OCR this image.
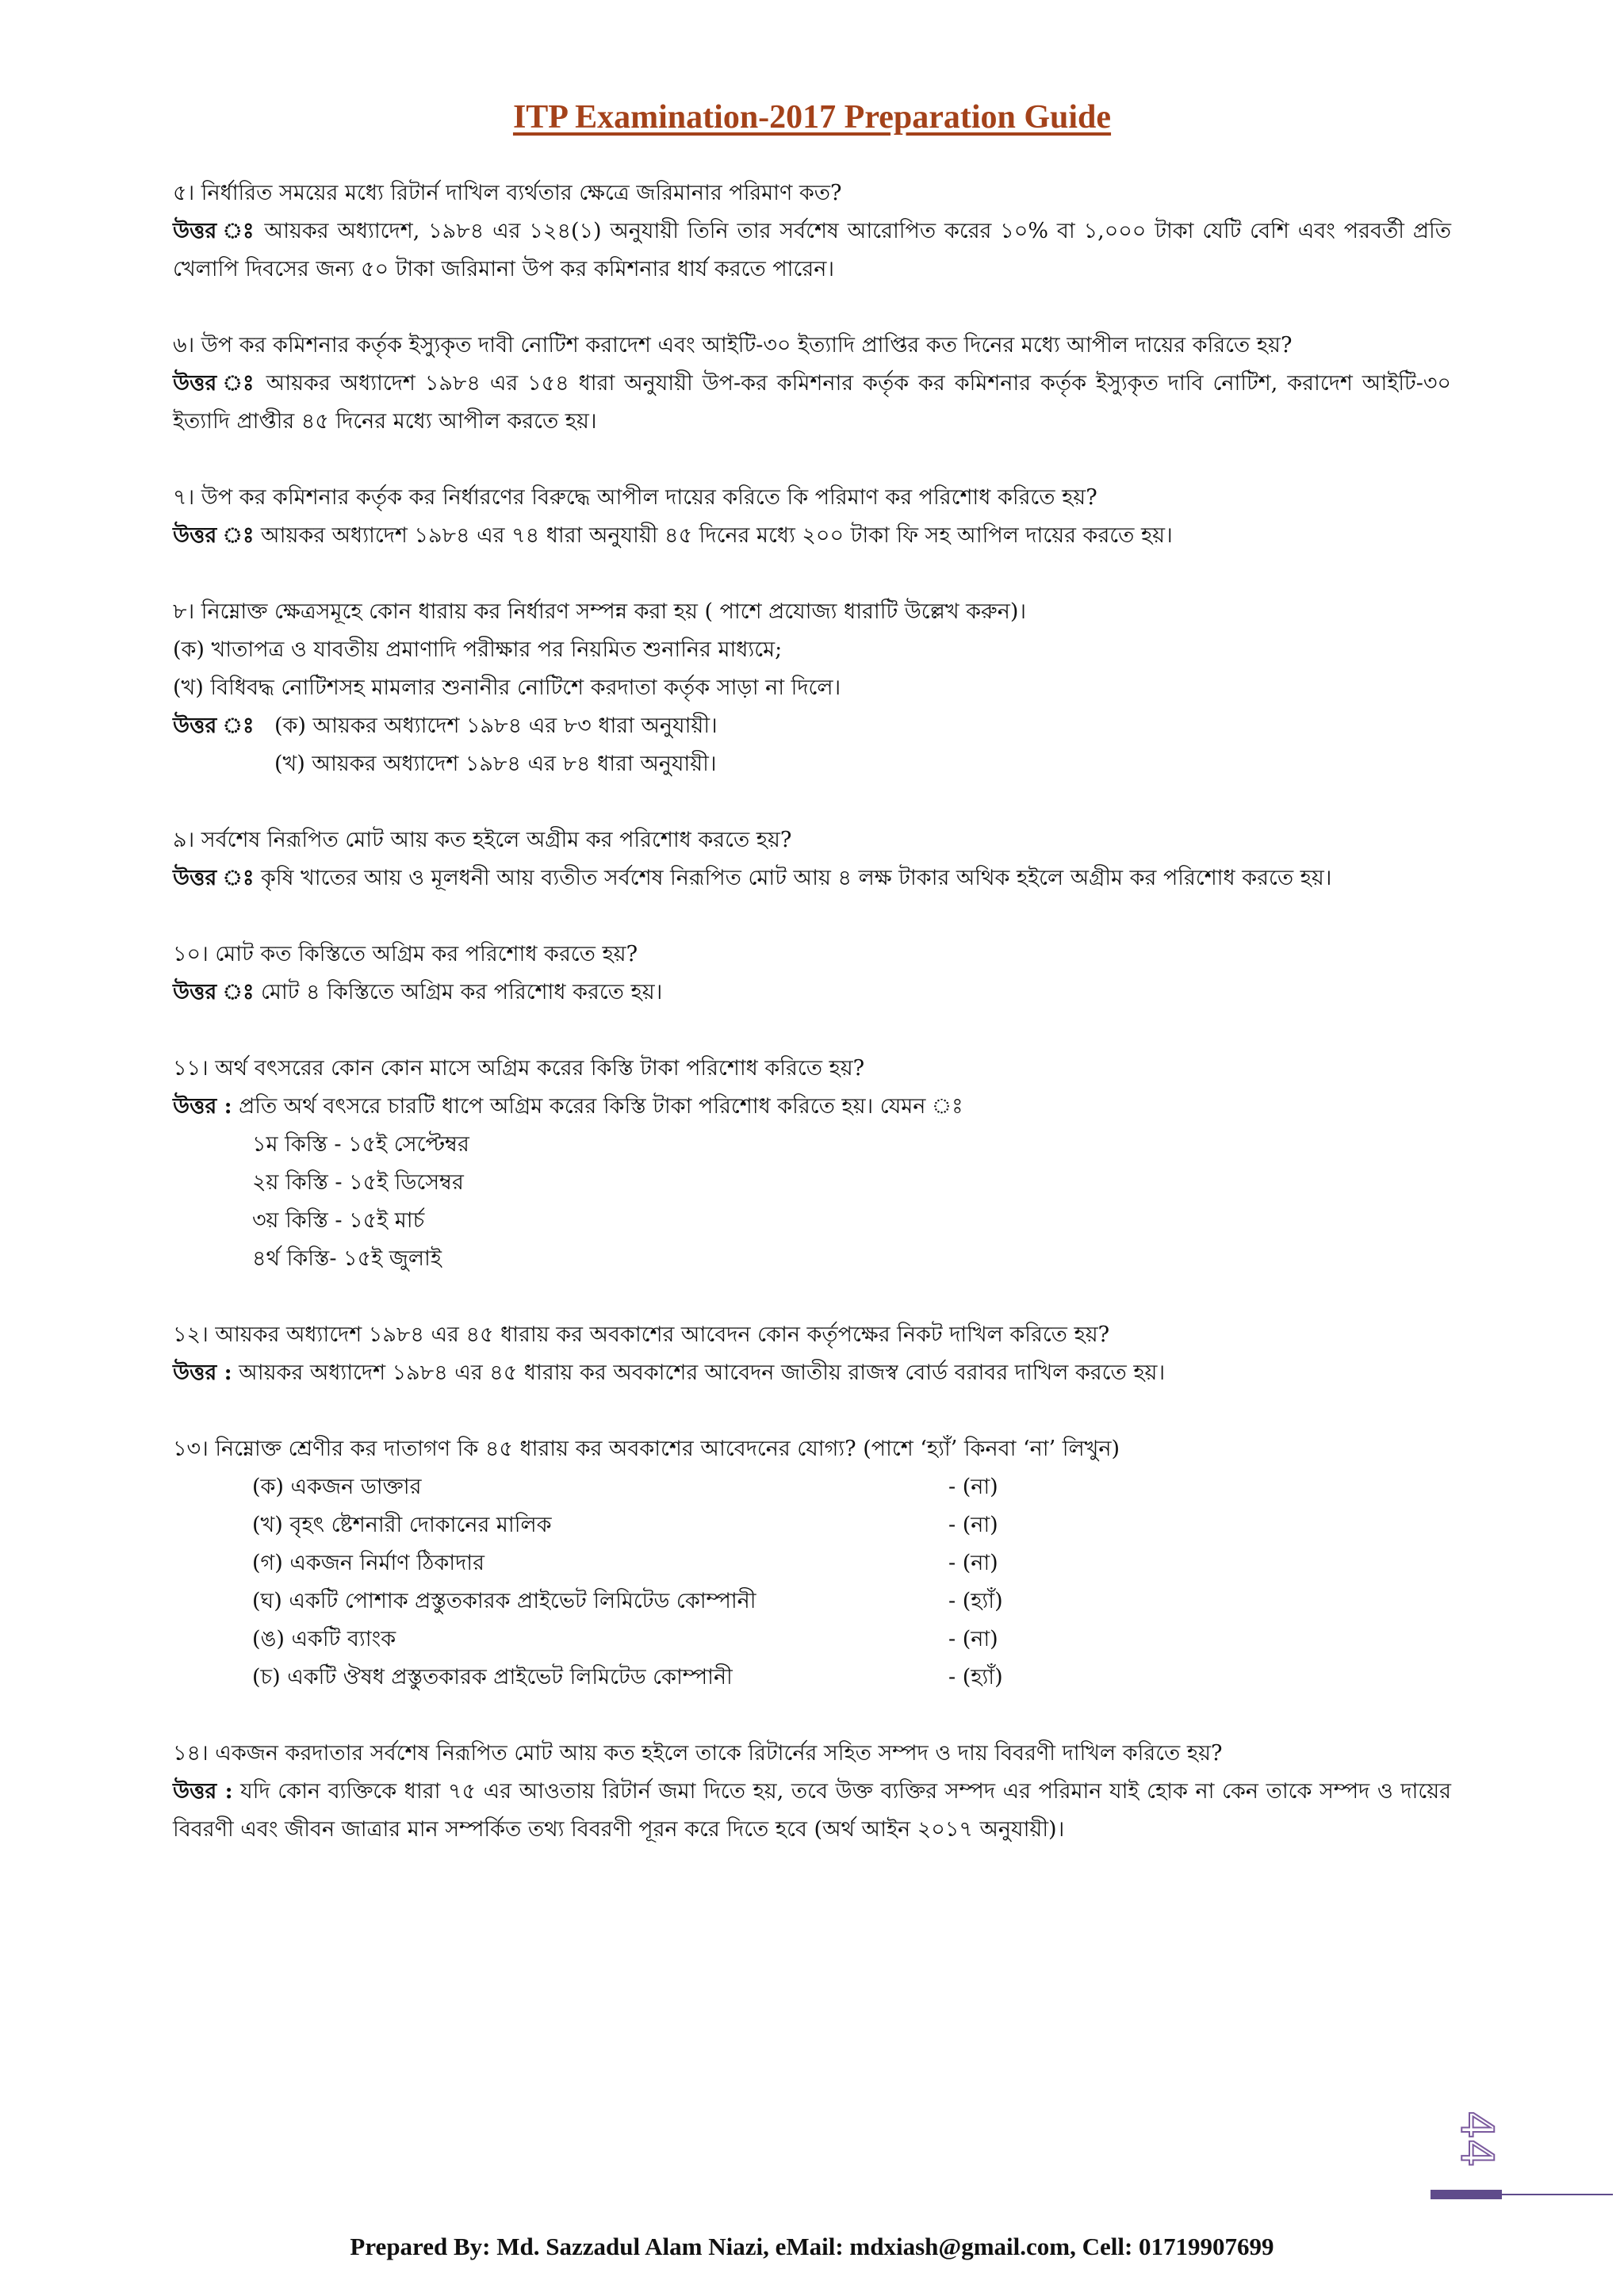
ITP Examination-2017 Preparation Guide

৫। নির্ধারিত সময়ের মধ্যে রিটার্ন দাখিল ব্যর্থতার ক্ষেত্রে জরিমানার পরিমাণ কত?

উত্তর ঃ আয়কর অধ্যাদেশ, ১৯৮৪ এর ১২৪(১) অনুযায়ী তিনি তার সর্বশেষ আরোপিত করের ১০% বা ১,০০০ টাকা যেটি বেশি এবং পরবর্তী প্রতি খেলাপি দিবসের জন্য ৫০ টাকা জরিমানা উপ কর কমিশনার ধার্য করতে পারেন।

৬। উপ কর কমিশনার কর্তৃক ইস্যুকৃত দাবী নোটিশ করাদেশ এবং আইটি-৩০ ইত্যাদি প্রাপ্তির কত দিনের মধ্যে আপীল দায়ের করিতে হয়?

উত্তর ঃ আয়কর অধ্যাদেশ ১৯৮৪ এর ১৫৪ ধারা অনুযায়ী উপ-কর কমিশনার কর্তৃক কর কমিশনার কর্তৃক ইস্যুকৃত দাবি নোটিশ, করাদেশ আইটি-৩০ ইত্যাদি প্রাপ্তীর ৪৫ দিনের মধ্যে আপীল করতে হয়।

৭। উপ কর কমিশনার কর্তৃক কর নির্ধারণের বিরুদ্ধে আপীল দায়ের করিতে কি পরিমাণ কর পরিশোধ করিতে হয়?

উত্তর ঃ আয়কর অধ্যাদেশ ১৯৮৪ এর ৭৪ ধারা অনুযায়ী ৪৫ দিনের মধ্যে ২০০ টাকা ফি সহ আপিল দায়ের করতে হয়।

৮। নিম্নোক্ত ক্ষেত্রসমূহে কোন ধারায় কর নির্ধারণ সম্পন্ন করা হয় ( পাশে প্রযোজ্য ধারাটি উল্লেখ করুন)।

(ক) খাতাপত্র ও যাবতীয় প্রমাণাদি পরীক্ষার পর নিয়মিত শুনানির মাধ্যমে;

(খ) বিধিবদ্ধ নোটিশসহ মামলার শুনানীর নোটিশে করদাতা কর্তৃক সাড়া না দিলে।

উত্তর ঃ (ক) আয়কর অধ্যাদেশ ১৯৮৪ এর ৮৩ ধারা অনুযায়ী।

(খ) আয়কর অধ্যাদেশ ১৯৮৪ এর ৮৪ ধারা অনুযায়ী।

৯। সর্বশেষ নিরূপিত মোট আয় কত হইলে অগ্রীম কর পরিশোধ করতে হয়?

উত্তর ঃ কৃষি খাতের আয় ও মূলধনী আয় ব্যতীত সর্বশেষ নিরূপিত মোট আয় ৪ লক্ষ টাকার অথিক হইলে অগ্রীম কর পরিশোধ করতে হয়।

১০। মোট কত কিস্তিতে অগ্রিম কর পরিশোধ করতে হয়?

উত্তর ঃ মোট ৪ কিস্তিতে অগ্রিম কর পরিশোধ করতে হয়।

১১। অর্থ বৎসরের কোন কোন মাসে অগ্রিম করের কিস্তি টাকা পরিশোধ করিতে হয়?

উত্তর : প্রতি অর্থ বৎসরে চারটি ধাপে অগ্রিম করের কিস্তি টাকা পরিশোধ করিতে হয়। যেমন ঃ

১ম কিস্তি - ১৫ই সেপ্টেম্বর

২য় কিস্তি - ১৫ই ডিসেম্বর

৩য় কিস্তি - ১৫ই মার্চ

৪র্থ কিস্তি- ১৫ই জুলাই

১২। আয়কর অধ্যাদেশ ১৯৮৪ এর ৪৫ ধারায় কর অবকাশের আবেদন কোন কর্তৃপক্ষের নিকট দাখিল করিতে হয়?

উত্তর : আয়কর অধ্যাদেশ ১৯৮৪ এর ৪৫ ধারায় কর অবকাশের আবেদন জাতীয় রাজস্ব বোর্ড বরাবর দাখিল করতে হয়।

১৩। নিম্নোক্ত শ্রেণীর কর দাতাগণ কি ৪৫ ধারায় কর অবকাশের আবেদনের যোগ্য? (পাশে ‘হ্যাঁ’ কিনবা ‘না’ লিখুন)

(ক) একজন ডাক্তার	- (না)
(খ) বৃহৎ ষ্টেশনারী দোকানের মালিক	- (না)
(গ) একজন নির্মাণ ঠিকাদার	- (না)
(ঘ) একটি পোশাক প্রস্তুতকারক প্রাইভেট লিমিটেড কোম্পানী	- (হ্যাঁ)
(ঙ) একটি ব্যাংক	- (না)
(চ) একটি ঔষধ প্রস্তুতকারক প্রাইভেট লিমিটেড কোম্পানী	- (হ্যাঁ)

১৪। একজন করদাতার সর্বশেষ নিরূপিত মোট আয় কত হইলে তাকে রিটার্নের সহিত সম্পদ ও দায় বিবরণী দাখিল করিতে হয়?

উত্তর : যদি কোন ব্যক্তিকে ধারা ৭৫ এর আওতায় রিটার্ন জমা দিতে হয়, তবে উক্ত ব্যক্তির সম্পদ এর পরিমান যাই হোক না কেন তাকে সম্পদ ও দায়ের বিবরণী এবং জীবন জাত্রার মান সম্পর্কিত তথ্য বিবরণী পূরন করে দিতে হবে (অর্থ আইন ২০১৭ অনুযায়ী)।

44
Prepared By: Md. Sazzadul Alam Niazi, eMail: mdxiash@gmail.com, Cell: 01719907699
